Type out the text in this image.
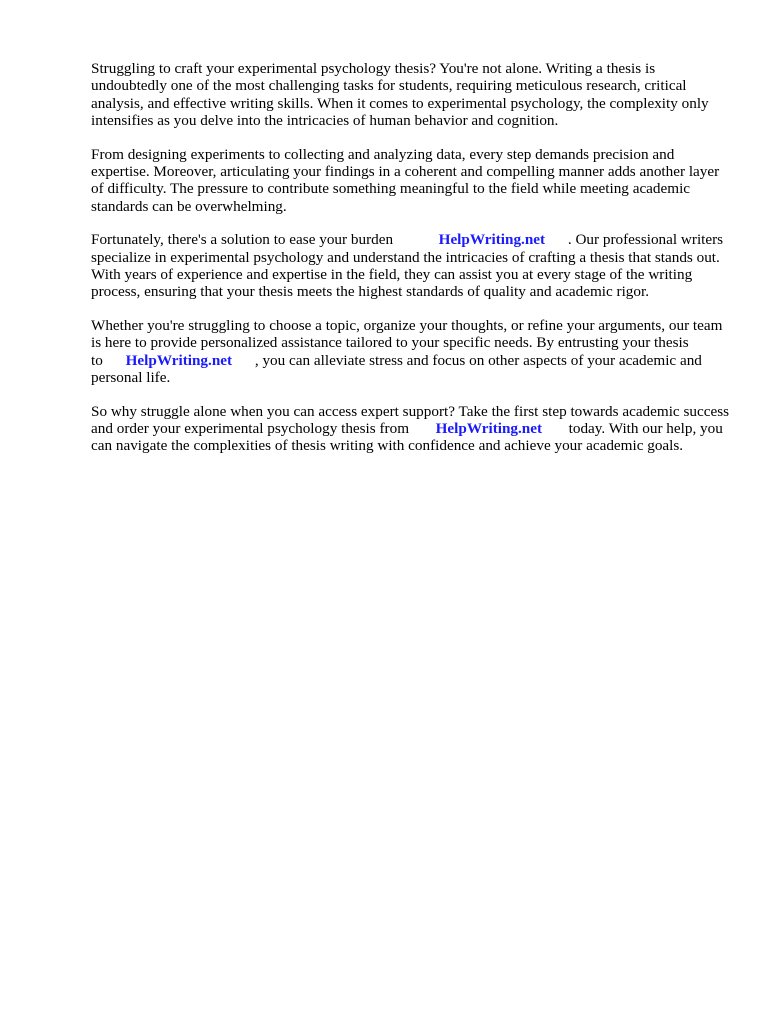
Struggling to craft your experimental psychology thesis? You're not alone. Writing a thesis is undoubtedly one of the most challenging tasks for students, requiring meticulous research, critical analysis, and effective writing skills. When it comes to experimental psychology, the complexity only intensifies as you delve into the intricacies of human behavior and cognition.

From designing experiments to collecting and analyzing data, every step demands precision and expertise. Moreover, articulating your findings in a coherent and compelling manner adds another layer of difficulty. The pressure to contribute something meaningful to the field while meeting academic standards can be overwhelming.

Fortunately, there's a solution to ease your burden	HelpWriting.net . Our professional writers specialize in experimental psychology and understand the intricacies of crafting a thesis that stands out. With years of experience and expertise in the field, they can assist you at every stage of the writing process, ensuring that your thesis meets the highest standards of quality and academic rigor.

Whether you're struggling to choose a topic, organize your thoughts, or refine your arguments, our team is here to provide personalized assistance tailored to your specific needs. By entrusting your thesis to HelpWriting.net , you can alleviate stress and focus on other aspects of your academic and personal life.

So why struggle alone when you can access expert support? Take the first step towards academic success and order your experimental psychology thesis from HelpWriting.net today. With our help, you can navigate the complexities of thesis writing with confidence and achieve your academic goals.
